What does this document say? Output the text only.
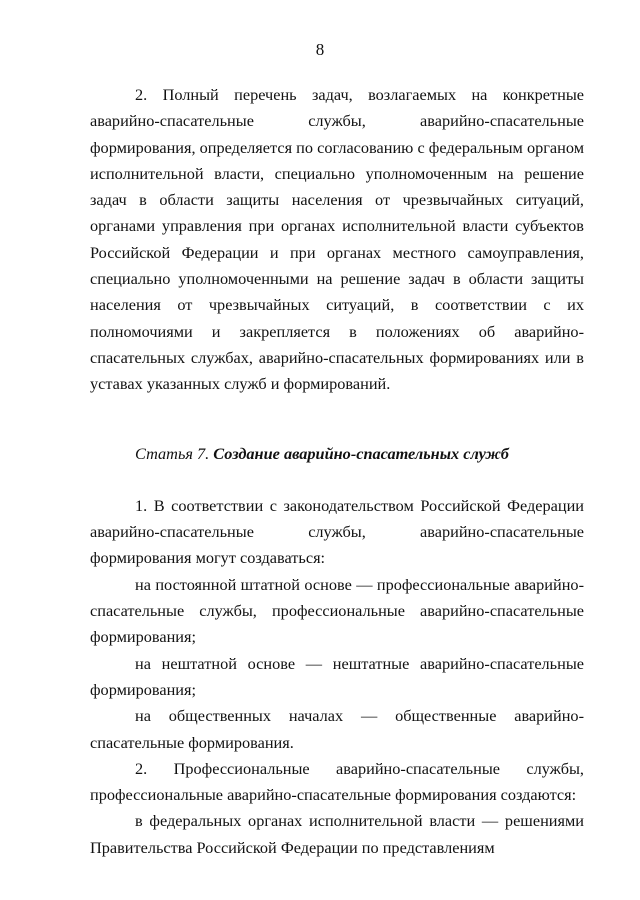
8

2. Полный перечень задач, возлагаемых на конкретные аварийно-спасательные службы, аварийно-спасательные формирования, определяется по согласованию с федеральным органом исполнительной власти, специально уполномоченным на решение задач в области защиты населения от чрезвычайных ситуаций, органами управления при органах исполнительной власти субъектов Российской Федерации и при органах местного самоуправления, специально уполномоченными на решение задач в области защиты населения от чрезвычайных ситуаций, в соответствии с их полномочиями и закрепляется в положениях об аварийно-спасательных службах, аварийно-спасательных формированиях или в уставах указанных служб и формирований.

Статья 7. Создание аварийно-спасательных служб

1. В соответствии с законодательством Российской Федерации аварийно-спасательные службы, аварийно-спасательные формирования могут создаваться:

на постоянной штатной основе — профессиональные аварийно-спасательные службы, профессиональные аварийно-спасательные формирования;

на нештатной основе — нештатные аварийно-спасательные формирования;

на общественных началах — общественные аварийно-спасательные формирования.

2. Профессиональные аварийно-спасательные службы, профессиональные аварийно-спасательные формирования создаются:

в федеральных органах исполнительной власти — решениями Правительства Российской Федерации по представлениям
